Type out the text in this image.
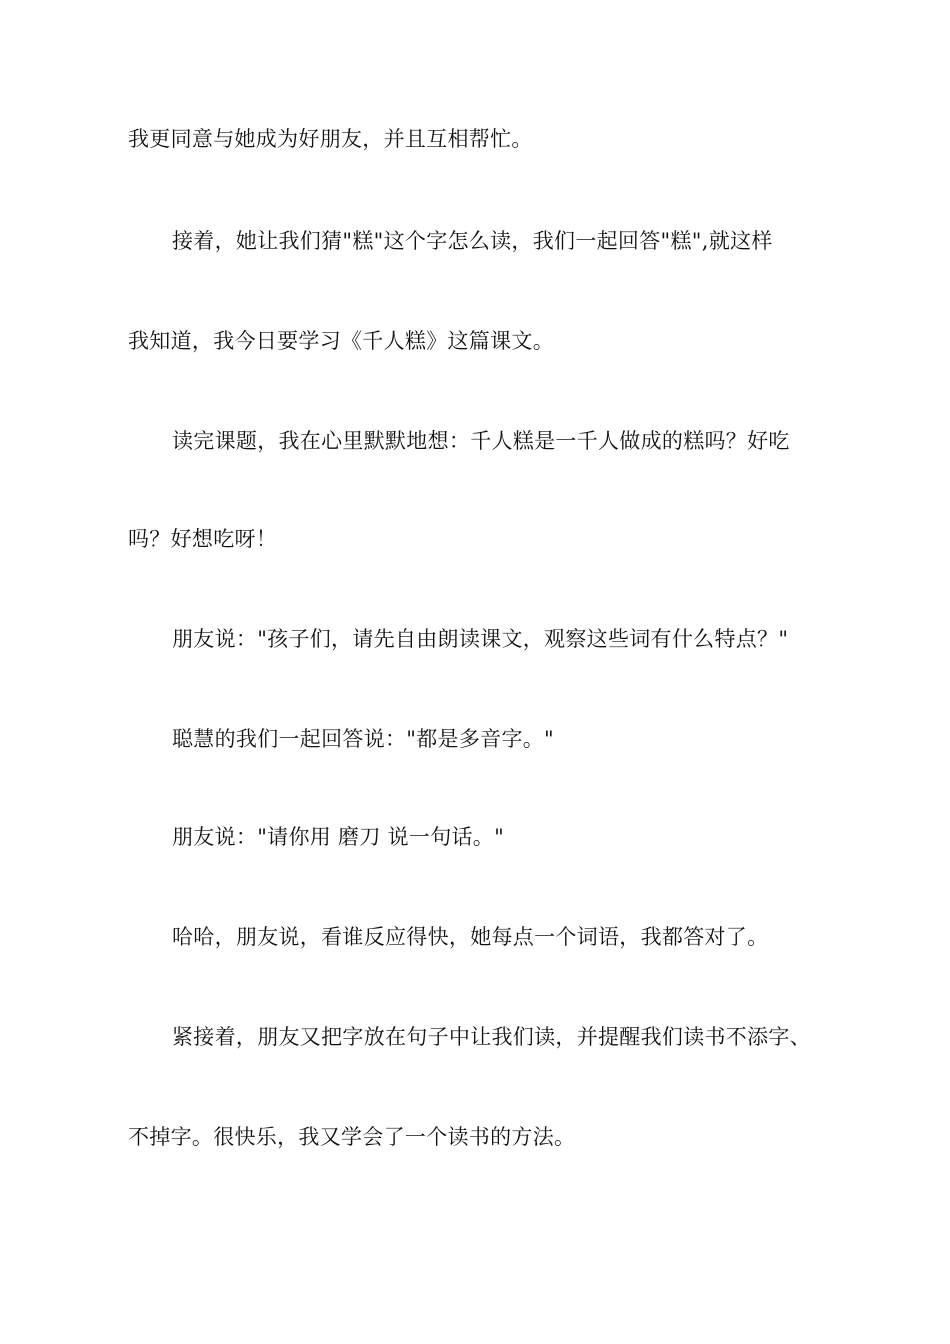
我更同意与她成为好朋友，并且互相帮忙。
接着，她让我们猜"糕"这个字怎么读，我们一起回答"糕",就这样
我知道，我今日要学习《千人糕》这篇课文。
读完课题，我在心里默默地想：千人糕是一千人做成的糕吗？好吃
吗？好想吃呀！
朋友说："孩子们，请先自由朗读课文，观察这些词有什么特点？"
聪慧的我们一起回答说："都是多音字。"
朋友说："请你用 磨刀 说一句话。"
哈哈，朋友说，看谁反应得快，她每点一个词语，我都答对了。
紧接着，朋友又把字放在句子中让我们读，并提醒我们读书不添字、
不掉字。很快乐，我又学会了一个读书的方法。
